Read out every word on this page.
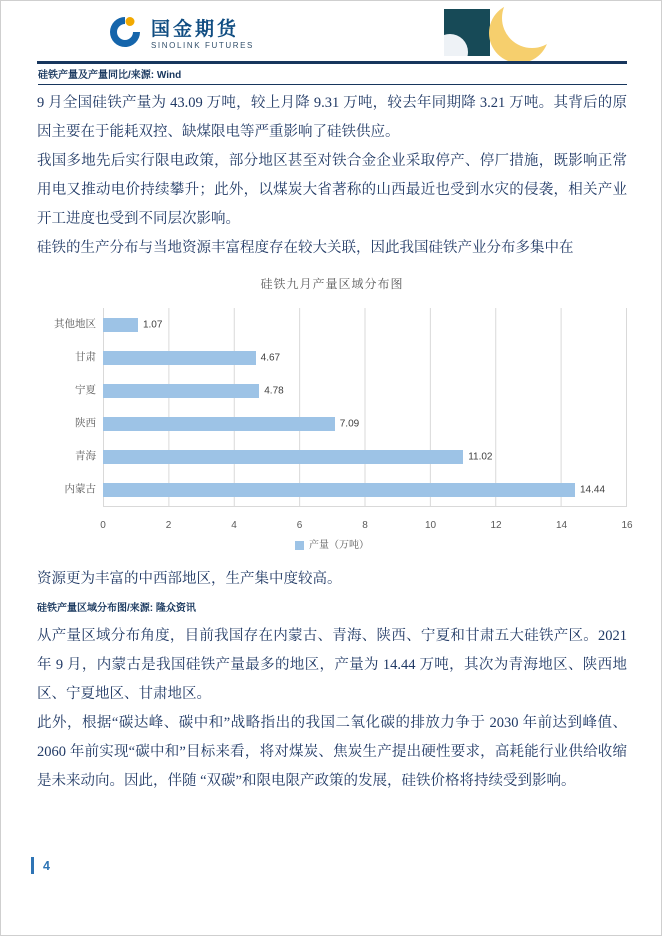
国金期货
SINOLINK FUTURES
硅铁产量及产量同比/来源: Wind

9 月全国硅铁产量为 43.09 万吨，较上月降 9.31 万吨，较去年同期降 3.21 万吨。其背后的原因主要在于能耗双控、缺煤限电等严重影响了硅铁供应。

我国多地先后实行限电政策，部分地区甚至对铁合金企业采取停产、停厂措施，既影响正常用电又推动电价持续攀升；此外，以煤炭大省著称的山西最近也受到水灾的侵袭，相关产业开工进度也受到不同层次影响。

硅铁的生产分布与当地资源丰富程度存在较大关联，因此我国硅铁产业分布多集中在

硅铁九月产量区域分布图
其他地区
甘肃
宁夏
陕西
青海
内蒙古
1.07
4.67
4.78
7.09
11.02
14.44
0	2	4	6	8	10	12	14	16
产量（万吨）

资源更为丰富的中西部地区，生产集中度较高。

硅铁产量区域分布图/来源: 隆众资讯

从产量区域分布角度，目前我国存在内蒙古、青海、陕西、宁夏和甘肃五大硅铁产区。2021 年 9 月，内蒙古是我国硅铁产量最多的地区，产量为 14.44 万吨，其次为青海地区、陕西地区、宁夏地区、甘肃地区。

此外，根据“碳达峰、碳中和”战略指出的我国二氧化碳的排放力争于 2030 年前达到峰值、2060 年前实现“碳中和”目标来看，将对煤炭、焦炭生产提出硬性要求，高耗能行业供给收缩是未来动向。因此，伴随 “双碳”和限电限产政策的发展，硅铁价格将持续受到影响。

4
